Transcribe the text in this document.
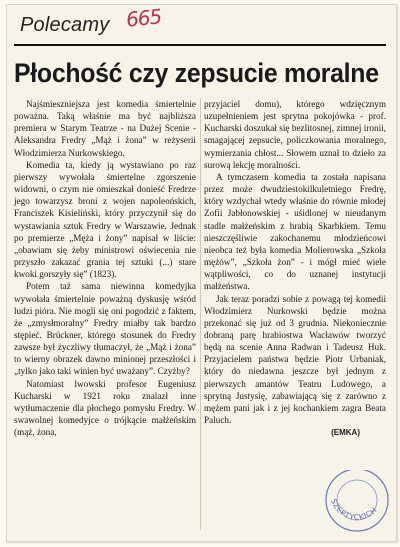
Polecamy 665
Płochość czy zepsucie moralne

Najśmieszniejsza jest komedia śmiertelnie poważna. Taką właśnie ma być najbliższa premiera w Starym Teatrze - na Dużej Scenie - Aleksandra Fredry „Mąż i żona” w reżyserii Włodzimierza Nurkowskiego.

Komedia ta, kiedy ją wystawiano po raz pierwszy wywołała śmiertelne zgorszenie widowni, o czym nie omieszkał donieść Fredrze jego towarzysz broni z wojen napoleońskich, Franciszek Kisieliński, który przyczynił się do wystawiania sztuk Fredry w Warszawie. Jednak po premierze „Męża i żony” napisał w liście: „obawiam się żeby ministrowi oświecenia nie przyszło zakazać grania tej sztuki (...) stare kwoki gorszyły się” (1823).

Potem taż sama niewinna komedyjka wywołała śmiertelnie poważną dyskusję wśród ludzi pióra. Nie mogli się oni pogodzić z faktem, że „zmysłmoralny” Fredry miałby tak bardzo stępieć. Brückner, którego stosunek do Fredry zawsze był życzliwy tłumaczył, że „Mąż i żona” to wierny obrazek dawno minionej przeszłości i „tylko jako taki winien być uważany”. Czyżby?

Natomiast lwowski profesor Eugeniusz Kucharski w 1921 roku znalazł inne wytłumaczenie dla płochego pomysłu Fredry. W swawolnej komedyjce o trójkącie małżeńskim (mąż, żona,

przyjaciel domu), którego wdzięcznym uzupełnieniem jest sprytna pokojówka - prof. Kucharski doszukał się bezlitosnej, zimnej ironii, smagającej zepsucie, policzkowania moralnego, wymierzania chłost... Słowem uznał to dzieło za surową lekcję moralności.

A tymczasem komedia ta została napisana przez może dwudziestokilkuletniego Fredrę, który wzdychał wtedy właśnie do równie młodej Zofii Jabłonowskiej - uśidlonej w nieudanym stadle małżeńskim z hrabią Skarbkiem. Temu nieszczęśliwie zakochanemu młodzieńcowi nieobca też była komedia Molierowska „Szkoła mężów”, „Szkoła żon” - i mógł mieć wiele wątpliwości, co do uznanej instytucji małżeństwa.

Jak teraz poradzi sobie z powagą tej komedii Włodzimierz Nurkowski będzie można przekonać się już od 3 grudnia. Niekoniecznie dobraną parę hrabiostwa Wacławów tworzyć będą na scenie Anna Radwan i Tadeusz Huk. Przyjacielem państwa będzie Piotr Urbaniak, który do niedawna jeszcze był jednym z pierwszych amantów Teatru Ludowego, a sprytną Justysię, zabawiającą się z zarówno z mężem pani jak i z jej kochankiem zagra Beata Paluch.

(EMKA)

SZEPTYCKICH
